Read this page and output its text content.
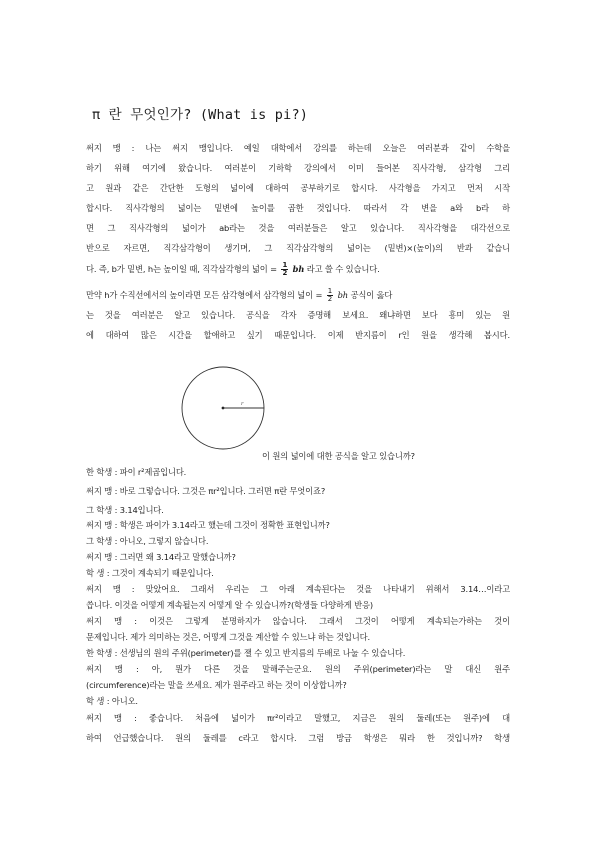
π 란 무엇인가? (What is pi?)
써지 맹 : 나는 써지 맹입니다. 예일 대학에서 강의를 하는데 오늘은 여러분과 같이 수학을
하기 위해 여기에 왔습니다. 여러분이 기하학 강의에서 이미 들어본 직사각형, 삼각형 그리
고 원과 같은 간단한 도형의 넓이에 대하여 공부하기로 합시다. 사각형을 가지고 먼저 시작
합시다. 직사각형의 넓이는 밑변에 높이를 곱한 것입니다. 따라서 각 변을 a와 b라 하
면 그 직사각형의 넓이가 ab라는 것을 여러분들은 알고 있습니다. 직사각형을 대각선으로
반으로 자르면, 직각삼각형이 생기며, 그 직각삼각형의 넓이는 (밑변)×(높이)의 반과 같습니
다. 즉, b가 밑변, h는 높이일 때, 직각삼각형의 넓이 = $\frac{1}{2}$ bh 라고 쓸 수 있습니다.
만약 h가 수직선에서의 높이라면 모든 삼각형에서 삼각형의 넓이 = $\frac{1}{2}$ bh 공식이 옳다
는 것을 여러분은 알고 있습니다. 공식을 각자 증명해 보세요. 왜냐하면 보다 흥미 있는 원
에 대하여 많은 시간을 할애하고 싶기 때문입니다. 이제 반지름이 r인 원을 생각해 봅시다.
r
이 원의 넓이에 대한 공식을 알고 있습니까?
한 학생 : 파이 r²제곱입니다.
써지 맹 : 바로 그렇습니다. 그것은 πr²입니다. 그러면 π란 무엇이죠?
그 학생 : 3.14입니다.
써지 맹 : 학생은 파이가 3.14라고 했는데 그것이 정확한 표현입니까?
그 학생 : 아니오, 그렇지 않습니다.
써지 맹 : 그러면 왜 3.14라고 말했습니까?
학 생 : 그것이 계속되기 때문입니다.
써지 맹 : 맞았어요. 그래서 우리는 그 아래 계속된다는 것을 나타내기 위해서 3.14…이라고
씁니다. 이것을 어떻게 계속될는지 어떻게 알 수 있습니까?(학생들 다양하게 반응)
써지 맹 : 이것은 그렇게 분명하지가 않습니다. 그래서 그것이 어떻게 계속되는가하는 것이
문제입니다. 제가 의미하는 것은, 어떻게 그것을 계산할 수 있느냐 하는 것입니다.
한 학생 : 선생님의 원의 주위(perimeter)를 잴 수 있고 반지름의 두배로 나눌 수 있습니다.
써지 맹 : 아, 뭔가 다른 것을 말해주는군요. 원의 주위(perimeter)라는 말 대신 원주
(circumference)라는 말을 쓰세요. 제가 원주라고 하는 것이 이상합니까?
학 생 : 아니오.
써지 맹 : 좋습니다. 처음에 넓이가 πr²이라고 말했고, 지금은 원의 둘레(또는 원주)에 대
하여 언급했습니다. 원의 둘레를 c라고 합시다. 그럼 방금 학생은 뭐라 한 것입니까? 학생
